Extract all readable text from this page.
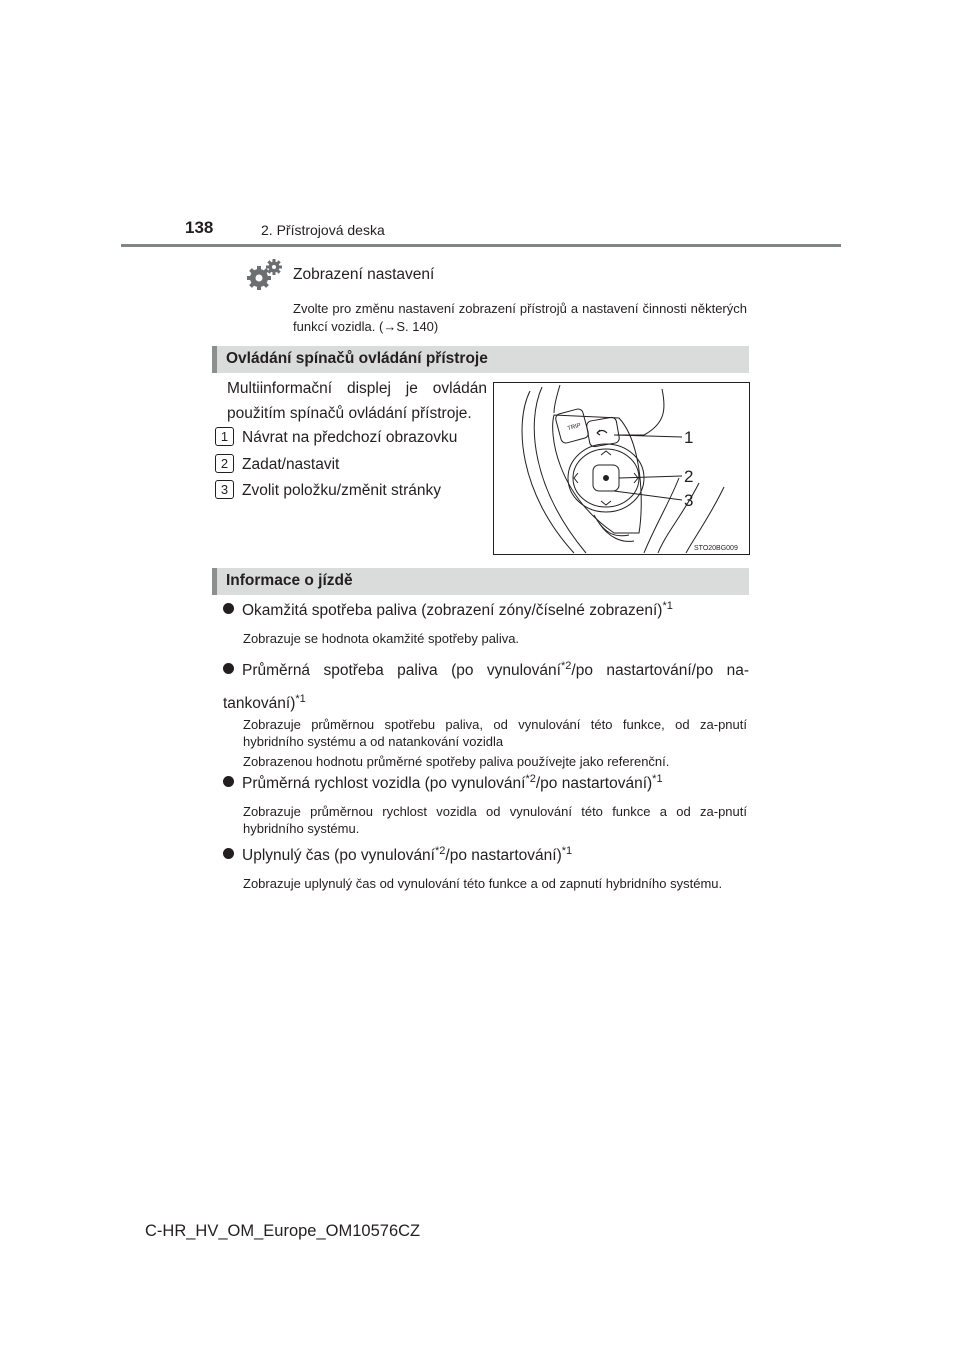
138	2. Přístrojová deska
Zobrazení nastavení
Zvolte pro změnu nastavení zobrazení přístrojů a nastavení činnosti některých funkcí vozidla. (→S. 140)
Ovládání spínačů ovládání přístroje
Multiinformační displej je ovládán použitím spínačů ovládání přístroje.
1 Návrat na předchozí obrazovku
2 Zadat/nastavit
3 Zvolit položku/změnit stránky
TRIP
1
2
3
STO20BG009
Informace o jízdě
Okamžitá spotřeba paliva (zobrazení zóny/číselné zobrazení)$^{*1}$
Zobrazuje se hodnota okamžité spotřeby paliva.
Průměrná spotřeba paliva (po vynulování$^{*2}$/po nastartování/po na-tankování)$^{*1}$
Zobrazuje průměrnou spotřebu paliva, od vynulování této funkce, od za-pnutí hybridního systému a od natankování vozidla
Zobrazenou hodnotu průměrné spotřeby paliva používejte jako referenční.
Průměrná rychlost vozidla (po vynulování$^{*2}$/po nastartování)$^{*1}$
Zobrazuje průměrnou rychlost vozidla od vynulování této funkce a od za-pnutí hybridního systému.
Uplynulý čas (po vynulování$^{*2}$/po nastartování)$^{*1}$
Zobrazuje uplynulý čas od vynulování této funkce a od zapnutí hybridního systému.
C-HR_HV_OM_Europe_OM10576CZ
